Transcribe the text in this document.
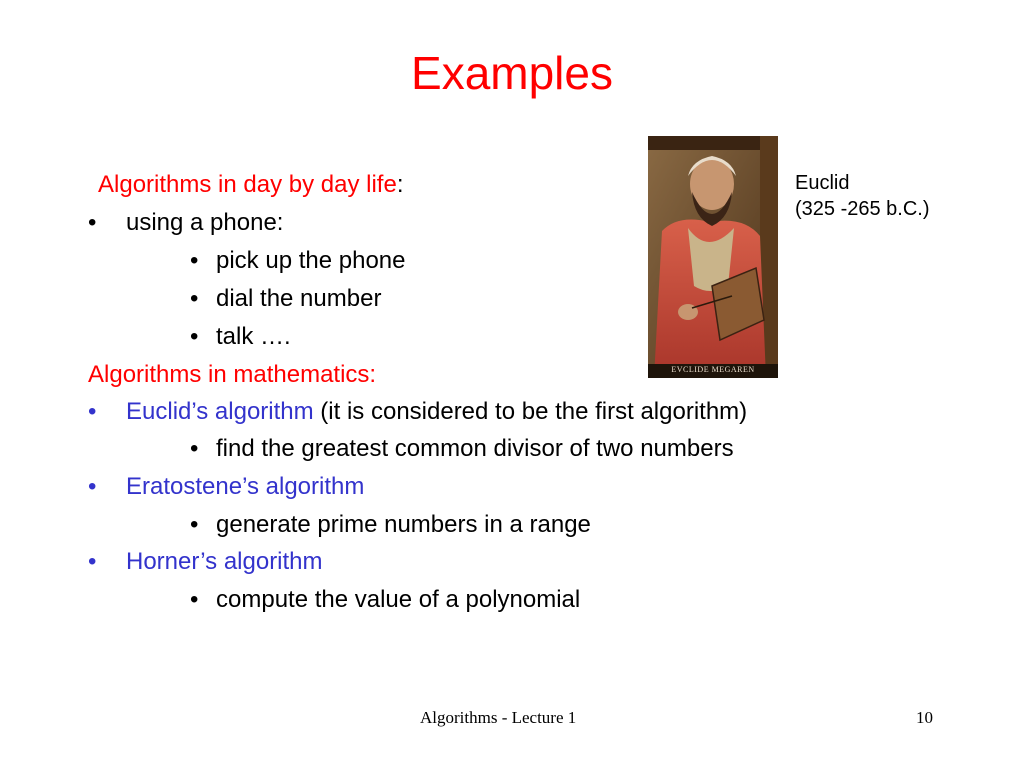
Examples
Algorithms in day by day life:
• using a phone:
• pick up the phone
• dial the number
• talk ….
Algorithms in mathematics:
• Euclid’s algorithm (it is considered to be the first algorithm)
• find the greatest common divisor of two numbers
• Eratostene’s algorithm
• generate prime numbers in a range
• Horner’s algorithm
• compute the value of a polynomial
EVCLIDE MEGAREN
Euclid
(325 -265 b.C.)
Algorithms - Lecture 1	10
